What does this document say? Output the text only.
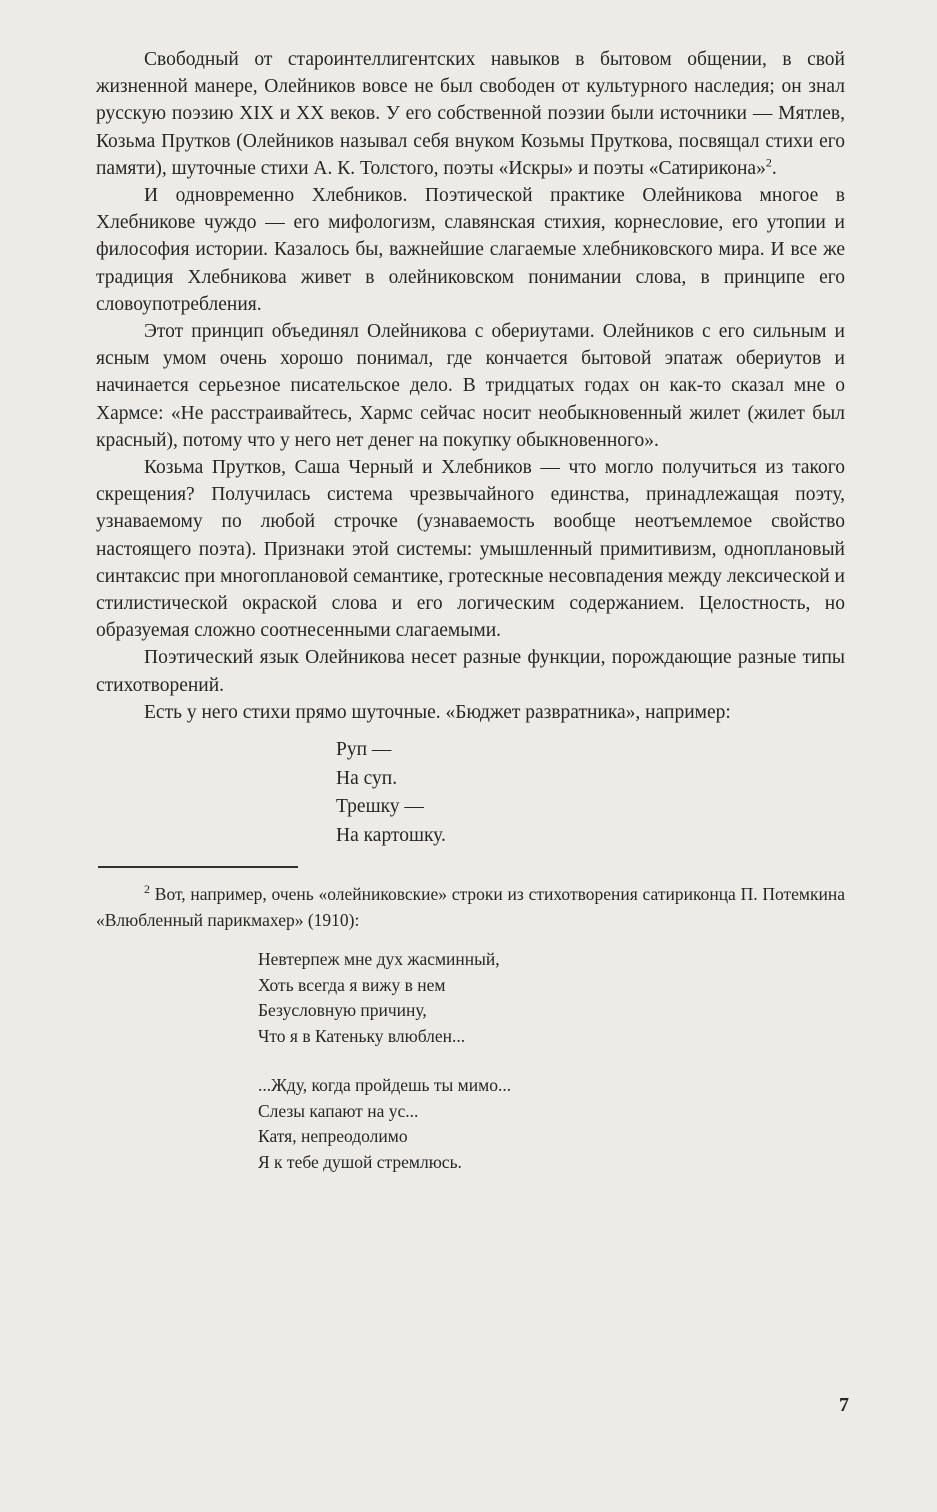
Свободный от староинтеллигентских навыков в бытовом общении, в свой жизненной манере, Олейников вовсе не был свободен от культурного наследия; он знал русскую поэзию XIX и XX веков. У его собственной поэзии были источники — Мятлев, Козьма Прутков (Олейников называл себя внуком Козьмы Пруткова, посвящал стихи его памяти), шуточные стихи А. К. Толстого, поэты «Искры» и поэты «Сатирикона»$^2$.

И одновременно Хлебников. Поэтической практике Олейникова многое в Хлебникове чуждо — его мифологизм, славянская стихия, корнесловие, его утопии и философия истории. Казалось бы, важнейшие слагаемые хлебниковского мира. И все же традиция Хлебникова живет в олейниковском понимании слова, в принципе его словоупотребления.

Этот принцип объединял Олейникова с обериутами. Олейников с его сильным и ясным умом очень хорошо понимал, где кончается бытовой эпатаж обериутов и начинается серьезное писательское дело. В тридцатых годах он как-то сказал мне о Хармсе: «Не расстраивайтесь, Хармс сейчас носит необыкновенный жилет (жилет был красный), потому что у него нет денег на покупку обыкновенного».

Козьма Прутков, Саша Черный и Хлебников — что могло получиться из такого скрещения? Получилась система чрезвычайного единства, принадлежащая поэту, узнаваемому по любой строчке (узнаваемость вообще неотъемлемое свойство настоящего поэта). Признаки этой системы: умышленный примитивизм, одноплановый синтаксис при многоплановой семантике, гротескные несовпадения между лексической и стилистической окраской слова и его логическим содержанием. Целостность, но образуемая сложно соотнесенными слагаемыми.

Поэтический язык Олейникова несет разные функции, порождающие разные типы стихотворений.

Есть у него стихи прямо шуточные. «Бюджет развратника», например:

Руп —
На суп.
Трешку —
На картошку.

$^2$ Вот, например, очень «олейниковские» строки из стихотворения сатириконца П. Потемкина «Влюбленный парикмахер» (1910):

Невтерпеж мне дух жасминный,
Хоть всегда я вижу в нем
Безусловную причину,
Что я в Катеньку влюблен...
...Жду, когда пройдешь ты мимо...
Слезы капают на ус...
Катя, непреодолимо
Я к тебе душой стремлюсь.
7
